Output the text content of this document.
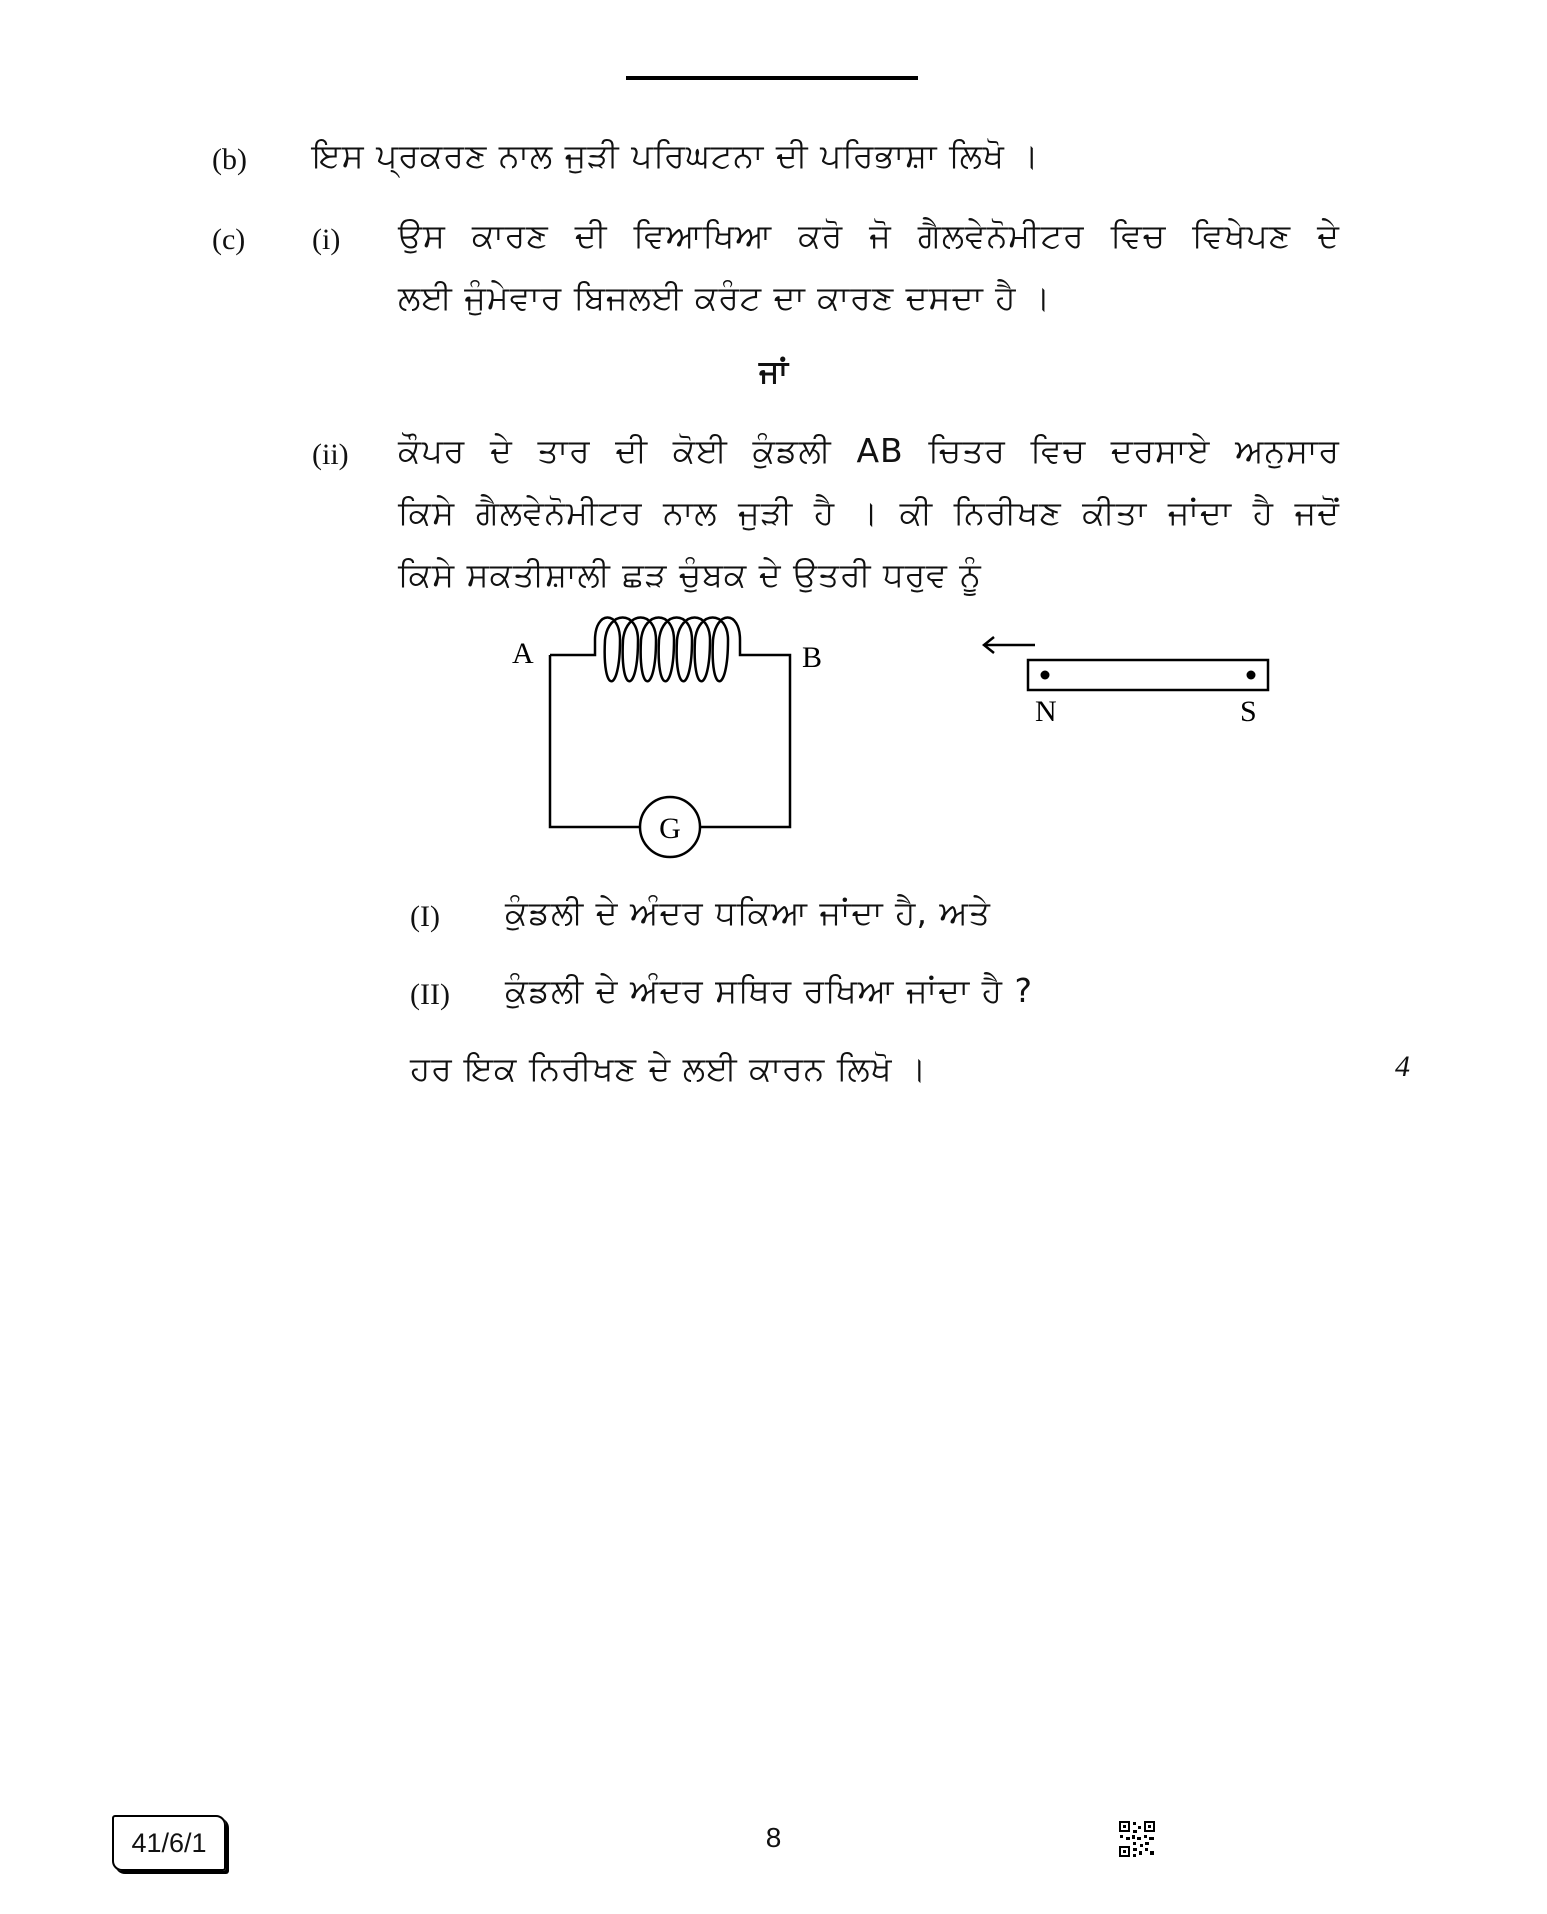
(b) ਇਸ ਪ੍ਰਕਰਣ ਨਾਲ ਜੁੜੀ ਪਰਿਘਟਨਾ ਦੀ ਪਰਿਭਾਸ਼ਾ ਲਿਖੋ ।
(c) (i) ਉਸ ਕਾਰਣ ਦੀ ਵਿਆਖਿਆ ਕਰੋ ਜੋ ਗੈਲਵੇਨੋਮੀਟਰ ਵਿਚ ਵਿਖੇਪਣ ਦੇ
ਲਈ ਜੁੰਮੇਵਾਰ ਬਿਜਲਈ ਕਰੰਟ ਦਾ ਕਾਰਣ ਦਸਦਾ ਹੈ ।
ਜਾਂ
(ii) ਕੌਪਰ ਦੇ ਤਾਰ ਦੀ ਕੋਈ ਕੁੰਡਲੀ AB ਚਿਤਰ ਵਿਚ ਦਰਸਾਏ ਅਨੁਸਾਰ
ਕਿਸੇ ਗੈਲਵੇਨੋਮੀਟਰ ਨਾਲ ਜੁੜੀ ਹੈ । ਕੀ ਨਿਰੀਖਣ ਕੀਤਾ ਜਾਂਦਾ ਹੈ ਜਦੋਂ
ਕਿਸੇ ਸਕਤੀਸ਼ਾਲੀ ਛੜ ਚੁੰਬਕ ਦੇ ਉਤਰੀ ਧਰੁਵ ਨੂੰ
G
A	B
N	S
(I) ਕੁੰਡਲੀ ਦੇ ਅੰਦਰ ਧਕਿਆ ਜਾਂਦਾ ਹੈ, ਅਤੇ
(II) ਕੁੰਡਲੀ ਦੇ ਅੰਦਰ ਸਥਿਰ ਰਖਿਆ ਜਾਂਦਾ ਹੈ ?
ਹਰ ਇਕ ਨਿਰੀਖਣ ਦੇ ਲਈ ਕਾਰਨ ਲਿਖੋ ।	4
41/6/1	8
